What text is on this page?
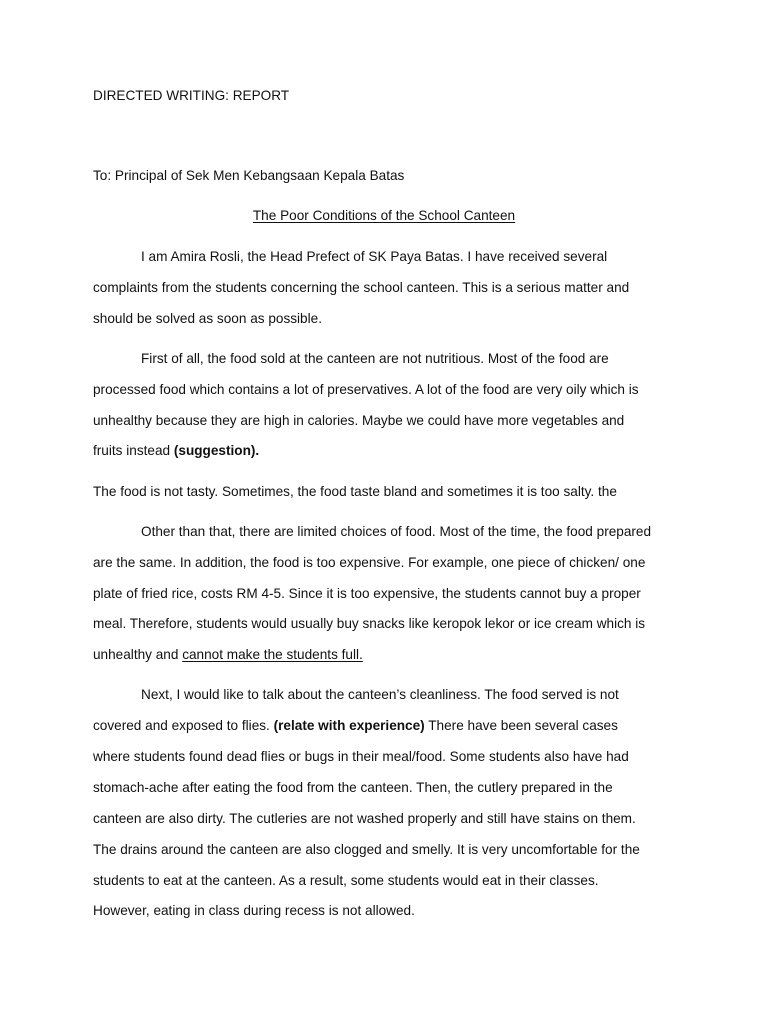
DIRECTED WRITING: REPORT
To: Principal of Sek Men Kebangsaan Kepala Batas
The Poor Conditions of the School Canteen
I am Amira Rosli, the Head Prefect of SK Paya Batas. I have received several
complaints from the students concerning the school canteen. This is a serious matter and
should be solved as soon as possible.
First of all, the food sold at the canteen are not nutritious. Most of the food are
processed food which contains a lot of preservatives. A lot of the food are very oily which is
unhealthy because they are high in calories. Maybe we could have more vegetables and
fruits instead (suggestion).
The food is not tasty. Sometimes, the food taste bland and sometimes it is too salty. the
Other than that, there are limited choices of food. Most of the time, the food prepared
are the same. In addition, the food is too expensive. For example, one piece of chicken/ one
plate of fried rice, costs RM 4-5. Since it is too expensive, the students cannot buy a proper
meal. Therefore, students would usually buy snacks like keropok lekor or ice cream which is
unhealthy and cannot make the students full.
Next, I would like to talk about the canteen’s cleanliness. The food served is not
covered and exposed to flies. (relate with experience) There have been several cases
where students found dead flies or bugs in their meal/food. Some students also have had
stomach-ache after eating the food from the canteen. Then, the cutlery prepared in the
canteen are also dirty. The cutleries are not washed properly and still have stains on them.
The drains around the canteen are also clogged and smelly. It is very uncomfortable for the
students to eat at the canteen. As a result, some students would eat in their classes.
However, eating in class during recess is not allowed.
